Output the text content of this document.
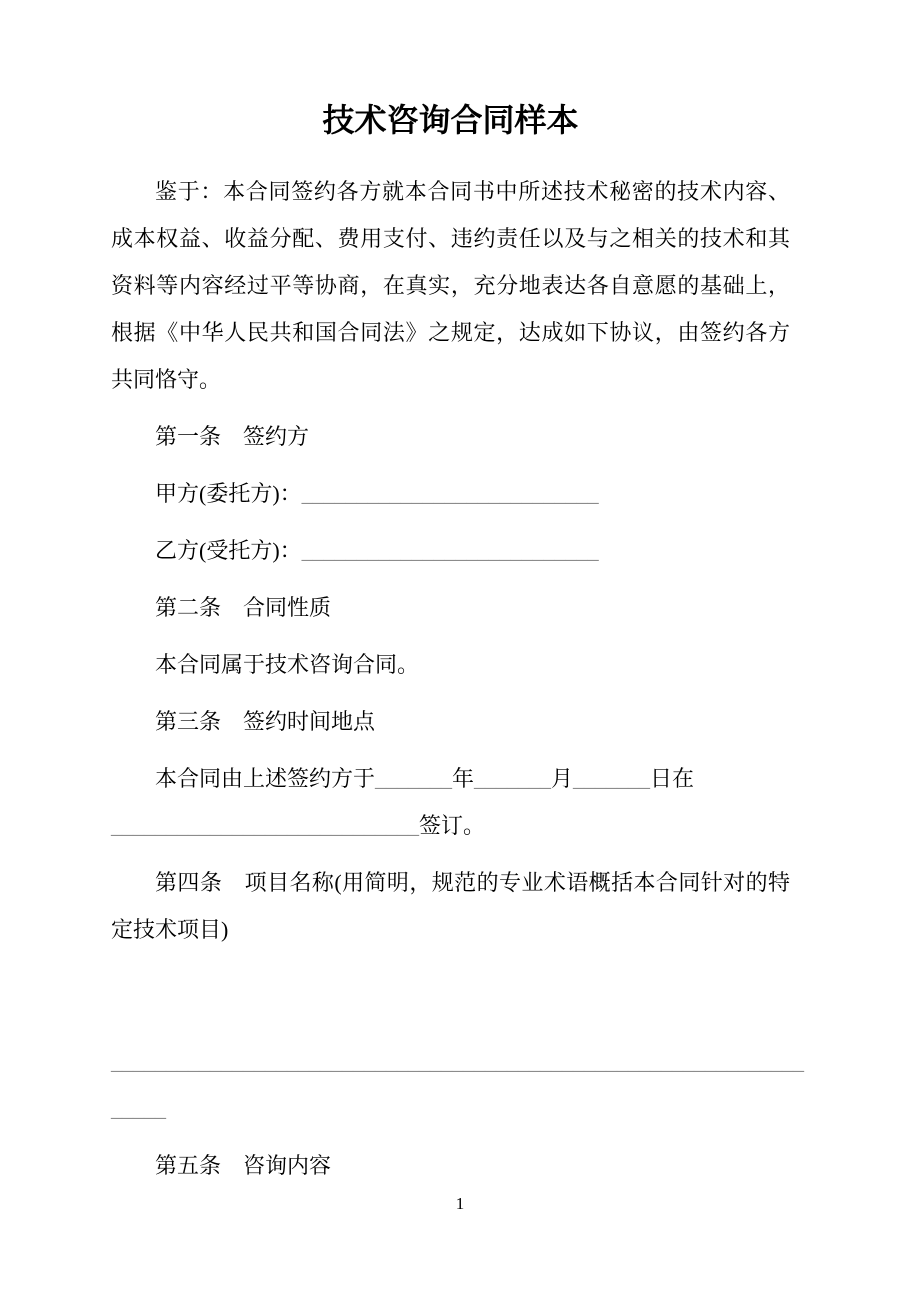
技术咨询合同样本

鉴于：本合同签约各方就本合同书中所述技术秘密的技术内容、成本权益、收益分配、费用支付、违约责任以及与之相关的技术和其资料等内容经过平等协商，在真实，充分地表达各自意愿的基础上，根据《中华人民共和国合同法》之规定，达成如下协议，由签约各方共同恪守。

第一条　签约方

甲方(委托方)：___________________________

乙方(受托方)：___________________________

第二条　合同性质

本合同属于技术咨询合同。

第三条　签约时间地点

本合同由上述签约方于_______年_______月_______日在
____________________________签订。

第四条　项目名称(用简明，规范的专业术语概括本合同针对的特定技术项目)

_______________________________________________________________
_____

第五条　咨询内容

1
